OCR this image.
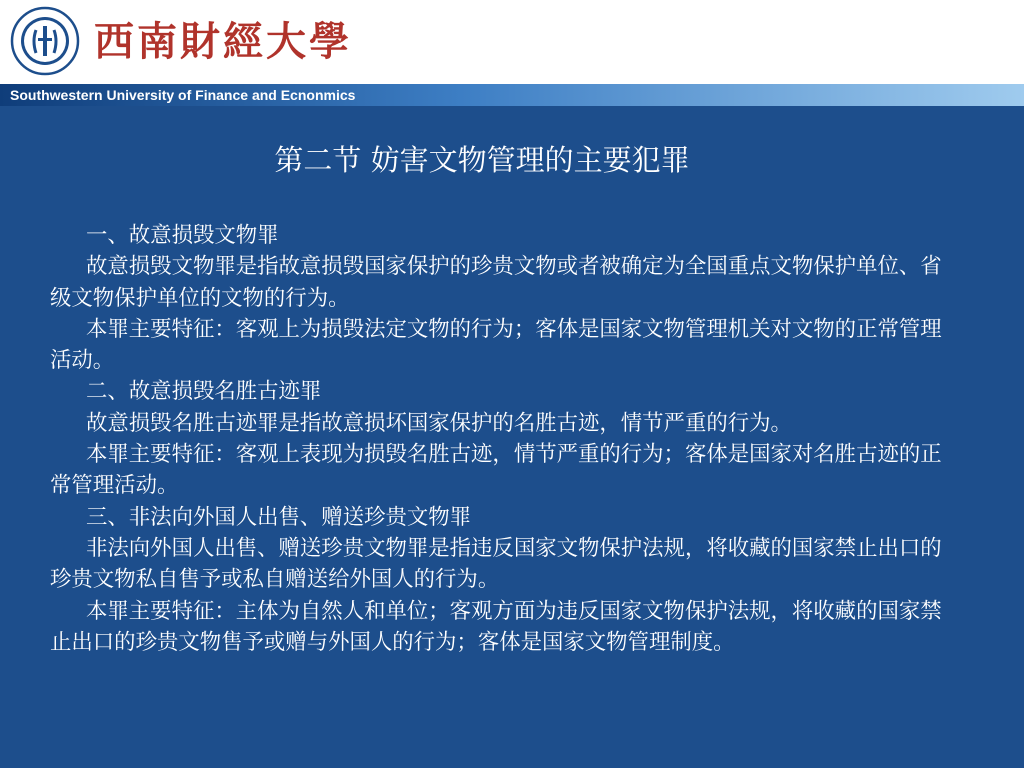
西南財經大學
Southwestern University of Finance and Ecnonmics
第二节 妨害文物管理的主要犯罪

一、故意损毁文物罪

故意损毁文物罪是指故意损毁国家保护的珍贵文物或者被确定为全国重点文物保护单位、省级文物保护单位的文物的行为。

本罪主要特征：客观上为损毁法定文物的行为；客体是国家文物管理机关对文物的正常管理活动。

二、故意损毁名胜古迹罪

故意损毁名胜古迹罪是指故意损坏国家保护的名胜古迹，情节严重的行为。

本罪主要特征：客观上表现为损毁名胜古迹，情节严重的行为；客体是国家对名胜古迹的正常管理活动。

三、非法向外国人出售、赠送珍贵文物罪

非法向外国人出售、赠送珍贵文物罪是指违反国家文物保护法规，将收藏的国家禁止出口的珍贵文物私自售予或私自赠送给外国人的行为。

本罪主要特征：主体为自然人和单位；客观方面为违反国家文物保护法规，将收藏的国家禁止出口的珍贵文物售予或赠与外国人的行为；客体是国家文物管理制度。
